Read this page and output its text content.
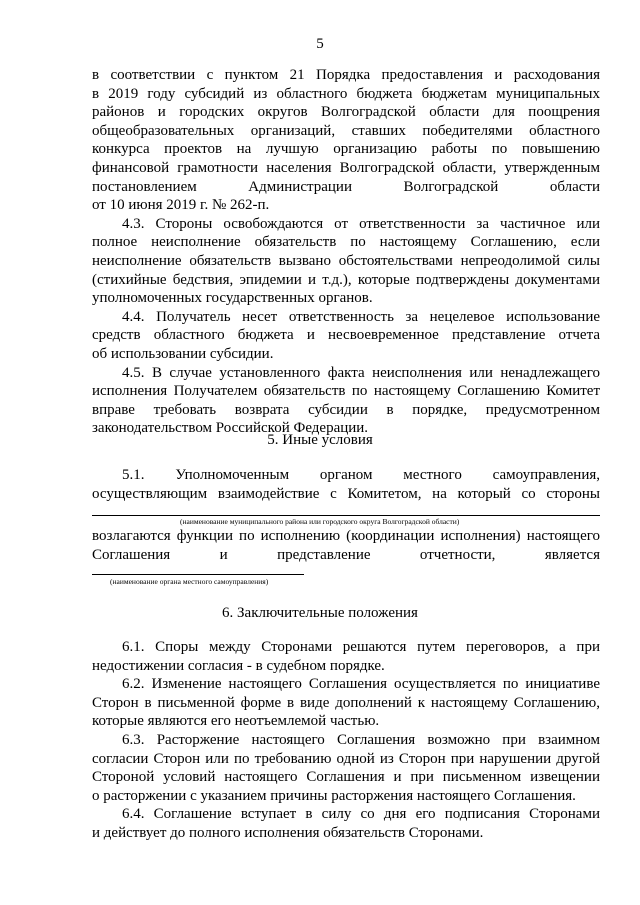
5
в соответствии с пунктом 21 Порядка предоставления и расходования
в 2019 году субсидий из областного бюджета бюджетам муниципальных
районов и городских округов Волгоградской области для поощрения
общеобразовательных организаций, ставших победителями областного
конкурса проектов на лучшую организацию работы по повышению
финансовой грамотности населения Волгоградской области, утвержденным
постановлением Администрации Волгоградской области
от 10 июня 2019 г. № 262-п.
4.3. Стороны освобождаются от ответственности за частичное или
полное неисполнение обязательств по настоящему Соглашению, если
неисполнение обязательств вызвано обстоятельствами непреодолимой силы
(стихийные бедствия, эпидемии и т.д.), которые подтверждены документами
уполномоченных государственных органов.
4.4. Получатель несет ответственность за нецелевое использование
средств областного бюджета и несвоевременное представление отчета
об использовании субсидии.
4.5. В случае установленного факта неисполнения или ненадлежащего
исполнения Получателем обязательств по настоящему Соглашению Комитет
вправе требовать возврата субсидии в порядке, предусмотренном
законодательством Российской Федерации.
5. Иные условия
5.1. Уполномоченным органом местного самоуправления,
осуществляющим взаимодействие с Комитетом, на который со стороны
(наименование муниципального района или городского округа Волгоградской области)
возлагаются функции по исполнению (координации исполнения) настоящего
Соглашения и представление отчетности, является
(наименование органа местного самоуправления)
6. Заключительные положения
6.1. Споры между Сторонами решаются путем переговоров, а при
недостижении согласия - в судебном порядке.
6.2. Изменение настоящего Соглашения осуществляется по инициативе
Сторон в письменной форме в виде дополнений к настоящему Соглашению,
которые являются его неотъемлемой частью.
6.3. Расторжение настоящего Соглашения возможно при взаимном
согласии Сторон или по требованию одной из Сторон при нарушении другой
Стороной условий настоящего Соглашения и при письменном извещении
о расторжении с указанием причины расторжения настоящего Соглашения.
6.4. Соглашение вступает в силу со дня его подписания Сторонами
и действует до полного исполнения обязательств Сторонами.
